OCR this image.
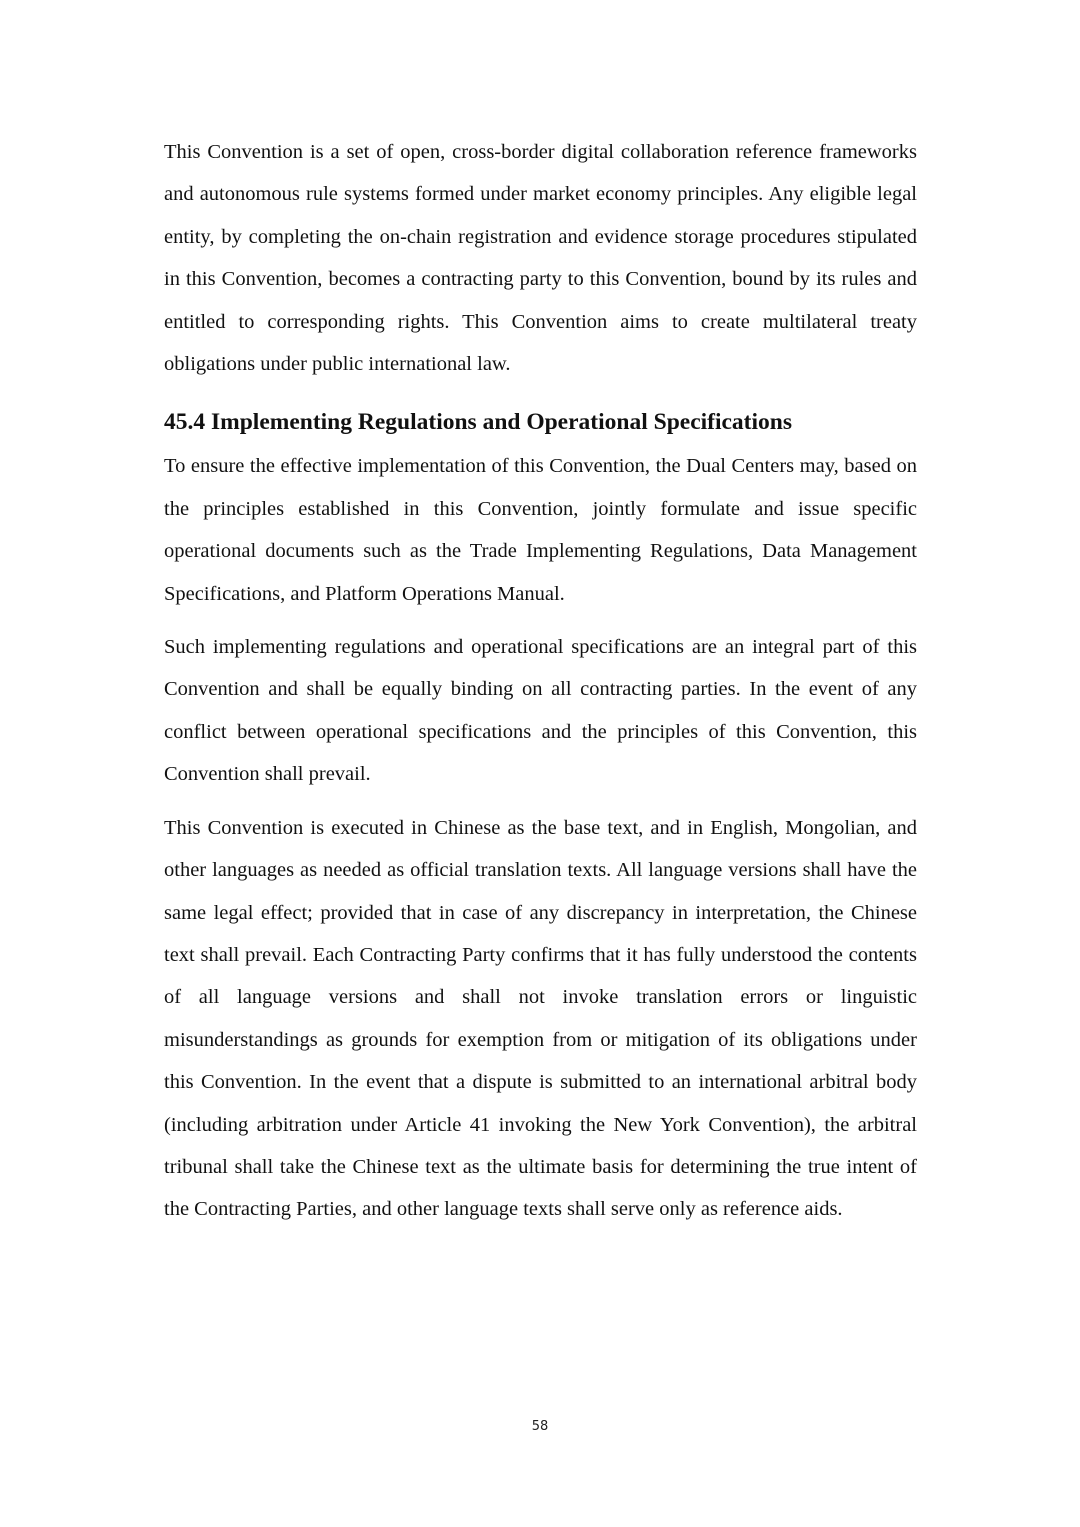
This Convention is a set of open, cross-border digital collaboration reference frameworks and autonomous rule systems formed under market economy principles. Any eligible legal entity, by completing the on-chain registration and evidence storage procedures stipulated in this Convention, becomes a contracting party to this Convention, bound by its rules and entitled to corresponding rights. This Convention aims to create multilateral treaty obligations under public international law.

45.4 Implementing Regulations and Operational Specifications

To ensure the effective implementation of this Convention, the Dual Centers may, based on the principles established in this Convention, jointly formulate and issue specific operational documents such as the Trade Implementing Regulations, Data Management Specifications, and Platform Operations Manual.

Such implementing regulations and operational specifications are an integral part of this Convention and shall be equally binding on all contracting parties. In the event of any conflict between operational specifications and the principles of this Convention, this Convention shall prevail.

This Convention is executed in Chinese as the base text, and in English, Mongolian, and other languages as needed as official translation texts. All language versions shall have the same legal effect; provided that in case of any discrepancy in interpretation, the Chinese text shall prevail. Each Contracting Party confirms that it has fully understood the contents of all language versions and shall not invoke translation errors or linguistic misunderstandings as grounds for exemption from or mitigation of its obligations under this Convention. In the event that a dispute is submitted to an international arbitral body (including arbitration under Article 41 invoking the New York Convention), the arbitral tribunal shall take the Chinese text as the ultimate basis for determining the true intent of the Contracting Parties, and other language texts shall serve only as reference aids.

58
